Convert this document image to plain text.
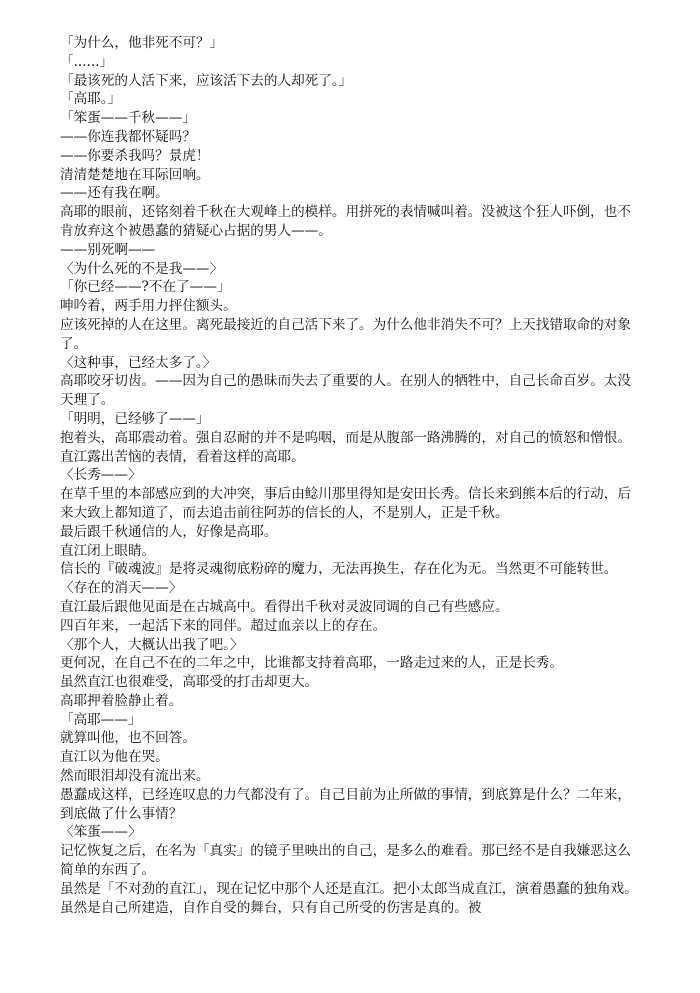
「为什么，他非死不可？」
「......」
「最该死的人活下来，应该活下去的人却死了。」
「高耶。」
「笨蛋——千秋——」
——你连我都怀疑吗？
——你要杀我吗？景虎！
清清楚楚地在耳际回响。
——还有我在啊。
高耶的眼前，还铭刻着千秋在大观峰上的模样。用拼死的表情喊叫着。没被这个狂人吓倒，也不肯放弃这个被愚蠢的猜疑心占据的男人——。
——别死啊——
〈为什么死的不是我——〉
「你已经——?不在了——」
呻吟着，两手用力抨住额头。
应该死掉的人在这里。离死最接近的自己活下来了。为什么他非消失不可？上天找错取命的对象了。
〈这种事，已经太多了。〉
高耶咬牙切齿。——因为自己的愚昧而失去了重要的人。在别人的牺牲中，自己长命百岁。太没天理了。
「明明，已经够了——」
抱着头，高耶震动着。强自忍耐的并不是呜咽，而是从腹部一路沸腾的，对自己的愤怒和憎恨。
直江露出苦恼的表情，看着这样的高耶。
〈长秀——〉
在草千里的本部感应到的大冲突，事后由鲶川那里得知是安田长秀。信长来到熊本后的行动，后来大致上都知道了，而去追击前往阿苏的信长的人，不是别人，正是千秋。
最后跟千秋通信的人，好像是高耶。
直江闭上眼睛。
信长的『破魂波』是将灵魂彻底粉碎的魔力，无法再换生，存在化为无。当然更不可能转世。
〈存在的消天——〉
直江最后跟他见面是在古城高中。看得出千秋对灵波同调的自己有些感应。
四百年来，一起活下来的同伴。超过血亲以上的存在。
〈那个人，大概认出我了吧。〉
更何况，在自己不在的二年之中，比谁都支持着高耶，一路走过来的人，正是长秀。
虽然直江也很难受，高耶受的打击却更大。
高耶押着脸静止着。
「高耶——」
就算叫他，也不回答。
直江以为他在哭。
然而眼泪却没有流出来。
愚蠢成这样，已经连叹息的力气都没有了。自己目前为止所做的事情，到底算是什么？二年来，到底做了什么事情？
〈笨蛋——〉
记忆恢复之后，在名为「真实」的镜子里映出的自己，是多么的难看。那已经不是自我嫌恶这么简单的东西了。
虽然是「不对劲的直江」，现在记忆中那个人还是直江。把小太郎当成直江，演着愚蠢的独角戏。虽然是自己所建造，自作自受的舞台，只有自己所受的伤害是真的。被
